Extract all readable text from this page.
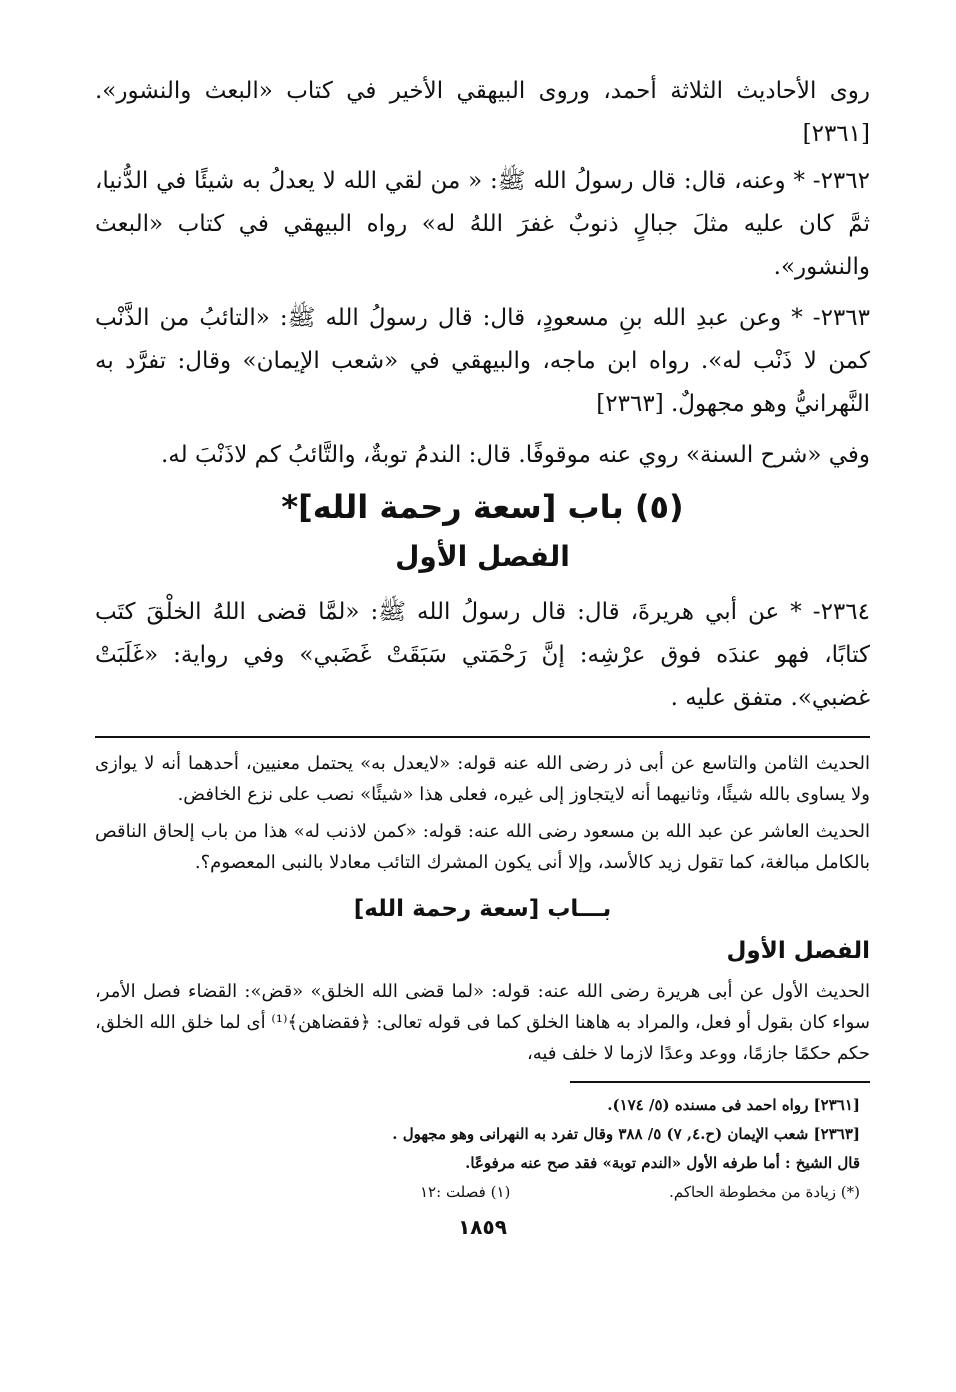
روى الأحاديث الثلاثة أحمد، وروى البيهقي الأخير في كتاب «البعث والنشور». [٢٣٦١]

٢٣٦٢- * وعنه، قال: قال رسولُ الله ﷺ: « من لقي الله لا يعدلُ به شيئًا في الدُّنيا، ثمَّ كان عليه مثلَ جبالٍ ذنوبٌ غفرَ اللهُ له» رواه البيهقي في كتاب «البعث والنشور».

٢٣٦٣- * وعن عبدِ الله بنِ مسعودٍ، قال: قال رسولُ الله ﷺ: «التائبُ من الذَّنْب كمن لا ذَنْب له». رواه ابن ماجه، والبيهقي في «شعب الإيمان» وقال: تفرَّد به النَّهرانيُّ وهو مجهولٌ. [٢٣٦٣]

وفي «شرح السنة» روي عنه موقوفًا. قال: الندمُ توبةٌ، والتَّائبُ كم لاذَنْبَ له.

(٥) باب [سعة رحمة الله]*
الفصل الأول

٢٣٦٤- * عن أبي هريرةَ، قال: قال رسولُ الله ﷺ: «لمَّا قضى اللهُ الخلْقَ كتَب كتابًا، فهو عندَه فوق عرْشِه: إنَّ رَحْمَتي سَبَقَتْ غَضَبي» وفي رواية: «غَلَبَتْ غضبي». متفق عليه .

الحديث الثامن والتاسع عن أبى ذر رضى الله عنه قوله: «لايعدل به» يحتمل معنيين، أحدهما أنه لا يوازى ولا يساوى بالله شيئًا، وثانيهما أنه لايتجاوز إلى غيره، فعلى هذا «شيئًا» نصب على نزع الخافض.

الحديث العاشر عن عبد الله بن مسعود رضى الله عنه: قوله: «كمن لاذنب له» هذا من باب إلحاق الناقص بالكامل مبالغة، كما تقول زيد كالأسد، وإلا أنى يكون المشرك التائب معادلا بالنبى المعصوم؟.

بـــاب [سعة رحمة الله]
الفصل الأول

الحديث الأول عن أبى هريرة رضى الله عنه: قوله: «لما قضى الله الخلق» «قض»: القضاء فصل الأمر، سواء كان بقول أو فعل، والمراد به هاهنا الخلق كما فى قوله تعالى: ﴿فقضاهن﴾⁽¹⁾ أى لما خلق الله الخلق، حكم حكمًا جازمًا، ووعد وعدًا لازما لا خلف فيه،

[٢٣٦١] رواه احمد فى مسنده (٥/ ١٧٤).

[٢٣٦٣] شعب الإيمان (ح.٤, ٧) ٥/ ٣٨٨ وقال تفرد به النهرانى وهو مجهول .

قال الشيخ : أما طرفه الأول «الندم توبة» فقد صح عنه مرفوعًا.

(*) زيادة من مخطوطة الحاكم.
(١) فصلت :١٢

١٨٥٩
